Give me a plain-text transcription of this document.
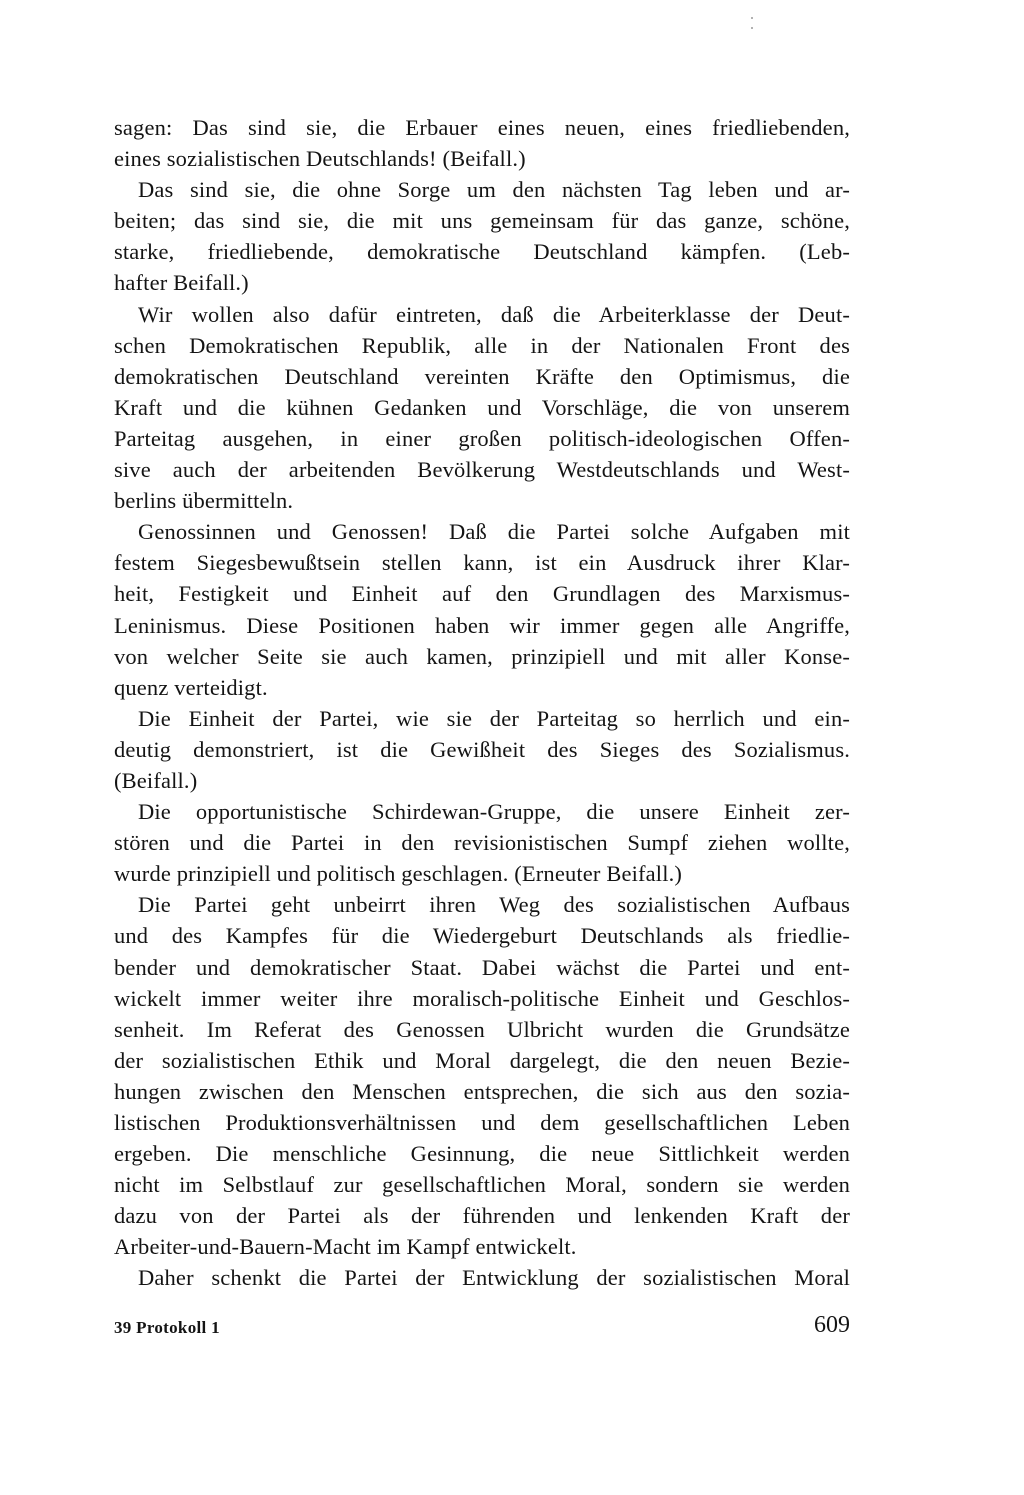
sagen: Das sind sie, die Erbauer eines neuen, eines friedliebenden,
eines sozialistischen Deutschlands! (Beifall.)
Das sind sie, die ohne Sorge um den nächsten Tag leben und ar-
beiten; das sind sie, die mit uns gemeinsam für das ganze, schöne,
starke, friedliebende, demokratische Deutschland kämpfen. (Leb-
hafter Beifall.)
Wir wollen also dafür eintreten, daß die Arbeiterklasse der Deut-
schen Demokratischen Republik, alle in der Nationalen Front des
demokratischen Deutschland vereinten Kräfte den Optimismus, die
Kraft und die kühnen Gedanken und Vorschläge, die von unserem
Parteitag ausgehen, in einer großen politisch-ideologischen Offen-
sive auch der arbeitenden Bevölkerung Westdeutschlands und West-
berlins übermitteln.
Genossinnen und Genossen! Daß die Partei solche Aufgaben mit
festem Siegesbewußtsein stellen kann, ist ein Ausdruck ihrer Klar-
heit, Festigkeit und Einheit auf den Grundlagen des Marxismus-
Leninismus. Diese Positionen haben wir immer gegen alle Angriffe,
von welcher Seite sie auch kamen, prinzipiell und mit aller Konse-
quenz verteidigt.
Die Einheit der Partei, wie sie der Parteitag so herrlich und ein-
deutig demonstriert, ist die Gewißheit des Sieges des Sozialismus.
(Beifall.)
Die opportunistische Schirdewan-Gruppe, die unsere Einheit zer-
stören und die Partei in den revisionistischen Sumpf ziehen wollte,
wurde prinzipiell und politisch geschlagen. (Erneuter Beifall.)
Die Partei geht unbeirrt ihren Weg des sozialistischen Aufbaus
und des Kampfes für die Wiedergeburt Deutschlands als friedlie-
bender und demokratischer Staat. Dabei wächst die Partei und ent-
wickelt immer weiter ihre moralisch-politische Einheit und Geschlos-
senheit. Im Referat des Genossen Ulbricht wurden die Grundsätze
der sozialistischen Ethik und Moral dargelegt, die den neuen Bezie-
hungen zwischen den Menschen entsprechen, die sich aus den sozia-
listischen Produktionsverhältnissen und dem gesellschaftlichen Leben
ergeben. Die menschliche Gesinnung, die neue Sittlichkeit werden
nicht im Selbstlauf zur gesellschaftlichen Moral, sondern sie werden
dazu von der Partei als der führenden und lenkenden Kraft der
Arbeiter-und-Bauern-Macht im Kampf entwickelt.
Daher schenkt die Partei der Entwicklung der sozialistischen Moral
39 Protokoll 1	609
